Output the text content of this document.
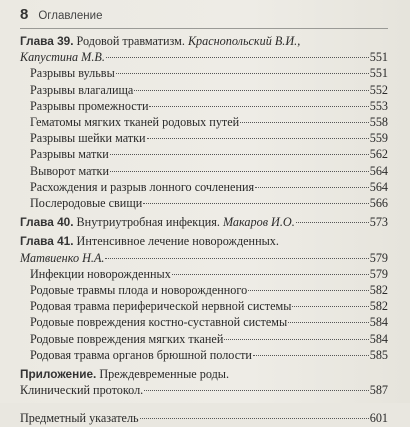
8 Оглавление
Глава 39.
Родовой травматизм.
Краснопольский В.И.,
Капустина М.В.	551
Разрывы вульвы	551
Разрывы влагалища	552
Разрывы промежности	553
Гематомы мягких тканей родовых путей	558
Разрывы шейки матки	559
Разрывы матки	562
Выворот матки	564
Расхождения и разрыв лонного сочленения	564
Послеродовые свищи	566
Глава 40.
Внутриутробная инфекция.
Макаров И.О.	573
Глава 41.
Интенсивное лечение новорожденных.
Матвиенко Н.А.	579
Инфекции новорожденных	579
Родовые травмы плода и новорожденного	582
Родовая травма периферической нервной системы	582
Родовые повреждения костно-суставной системы	584
Родовые повреждения мягких тканей	584
Родовая травма органов брюшной полости	585
Приложение.
Преждевременные роды.
Клинический протокол.	587
Предметный указатель	601
